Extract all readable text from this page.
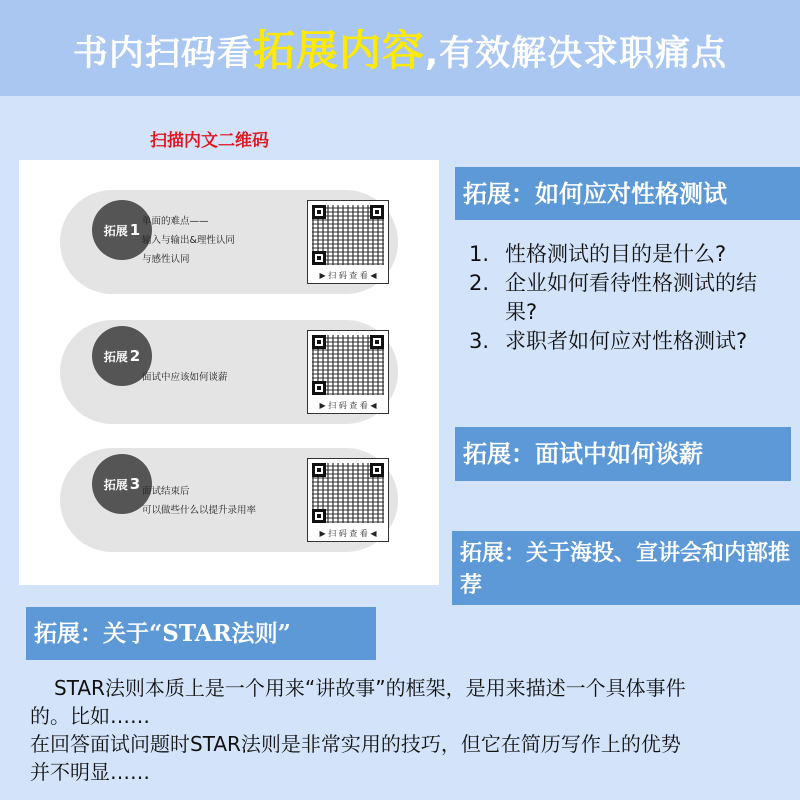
书内扫码看拓展内容,有效解决求职痛点
扫描内文二维码
拓展 1 单面的难点——
输入与输出&理性认同
与感性认同
▶ 扫 码 查 看 ◀
拓展 2
面试中应该如何谈薪
▶ 扫 码 查 看 ◀
拓展 3 面试结束后
可以做些什么以提升录用率
▶ 扫 码 查 看 ◀
拓展：如何应对性格测试
1. 性格测试的目的是什么?
2. 企业如何看待性格测试的结果?
3. 求职者如何应对性格测试?
拓展：面试中如何谈薪
拓展：关于海投、宣讲会和内部推荐
拓展：关于“STAR法则”

STAR法则本质上是一个用来“讲故事”的框架，是用来描述一个具体事件的。比如……

在回答面试问题时STAR法则是非常实用的技巧，但它在简历写作上的优势并不明显……
